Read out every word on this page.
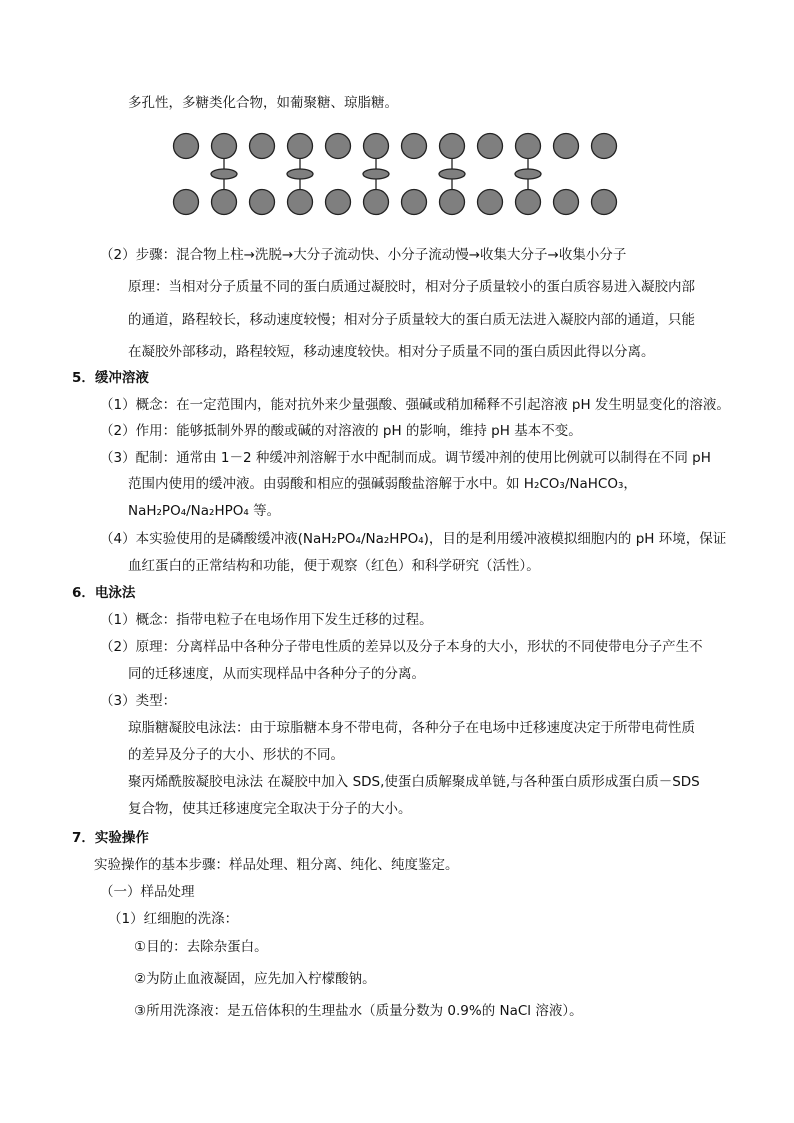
多孔性，多糖类化合物，如葡聚糖、琼脂糖。
（2）步骤：混合物上柱→洗脱→大分子流动快、小分子流动慢→收集大分子→收集小分子
原理：当相对分子质量不同的蛋白质通过凝胶时，相对分子质量较小的蛋白质容易进入凝胶内部
的通道，路程较长，移动速度较慢；相对分子质量较大的蛋白质无法进入凝胶内部的通道，只能
在凝胶外部移动，路程较短，移动速度较快。相对分子质量不同的蛋白质因此得以分离。
5．缓冲溶液
（1）概念：在一定范围内，能对抗外来少量强酸、强碱或稍加稀释不引起溶液 pH 发生明显变化的溶液。
（2）作用：能够抵制外界的酸或碱的对溶液的 pH 的影响，维持 pH 基本不变。
（3）配制：通常由 1－2 种缓冲剂溶解于水中配制而成。调节缓冲剂的使用比例就可以制得在不同 pH
范围内使用的缓冲液。由弱酸和相应的强碱弱酸盐溶解于水中。如 H₂CO₃/NaHCO₃，
NaH₂PO₄/Na₂HPO₄ 等。
（4）本实验使用的是磷酸缓冲液(NaH₂PO₄/Na₂HPO₄)，目的是利用缓冲液模拟细胞内的 pH 环境，保证
血红蛋白的正常结构和功能，便于观察（红色）和科学研究（活性）。
6．电泳法
（1）概念：指带电粒子在电场作用下发生迁移的过程。
（2）原理：分离样品中各种分子带电性质的差异以及分子本身的大小，形状的不同使带电分子产生不
同的迁移速度，从而实现样品中各种分子的分离。
（3）类型：
琼脂糖凝胶电泳法：由于琼脂糖本身不带电荷，各种分子在电场中迁移速度决定于所带电荷性质
的差异及分子的大小、形状的不同。
聚丙烯酰胺凝胶电泳法 在凝胶中加入 SDS,使蛋白质解聚成单链,与各种蛋白质形成蛋白质－SDS
复合物，使其迁移速度完全取决于分子的大小。
7．实验操作
实验操作的基本步骤：样品处理、粗分离、纯化、纯度鉴定。
（一）样品处理
（1）红细胞的洗涤：
①目的：去除杂蛋白。
②为防止血液凝固，应先加入柠檬酸钠。
③所用洗涤液：是五倍体积的生理盐水（质量分数为 0.9%的 NaCl 溶液）。
